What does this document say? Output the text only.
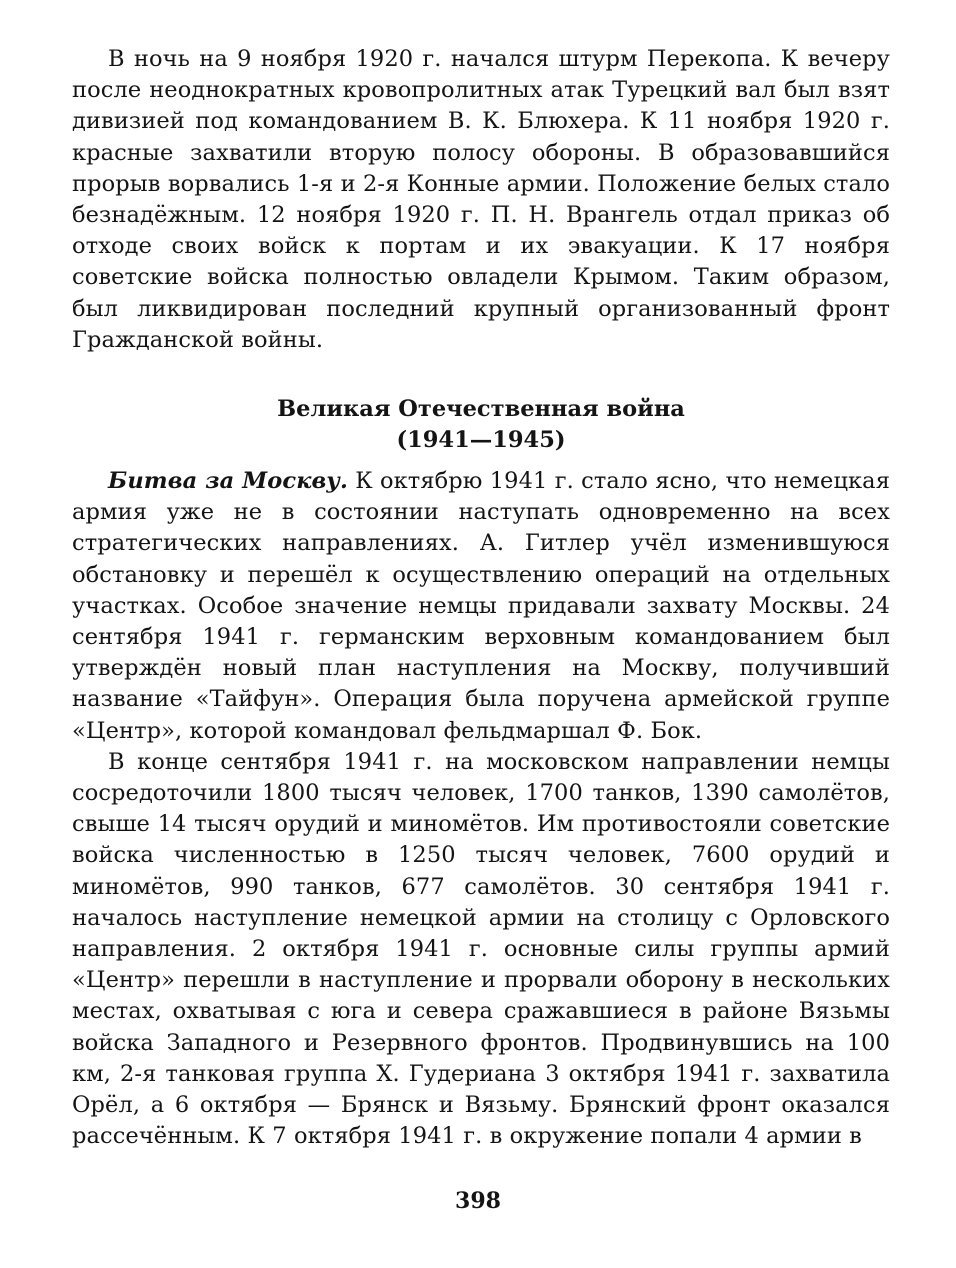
В ночь на 9 ноября 1920 г. начался штурм Перекопа. К вечеру после неоднократных кровопролитных атак Турецкий вал был взят дивизией под командованием В. К. Блюхера. К 11 ноября 1920 г. красные захватили вторую полосу обороны. В образовавшийся прорыв ворвались 1-я и 2-я Конные армии. Положение белых стало безнадёжным. 12 ноября 1920 г. П. Н. Врангель отдал приказ об отходе своих войск к портам и их эвакуации. К 17 ноября советские войска полностью овладели Крымом. Таким образом, был ликвидирован последний крупный организованный фронт Гражданской войны.

Великая Отечественная война
(1941—1945)

Битва за Москву. К октябрю 1941 г. стало ясно, что немецкая армия уже не в состоянии наступать одновременно на всех стратегических направлениях. А. Гитлер учёл изменившуюся обстановку и перешёл к осуществлению операций на отдельных участках. Особое значение немцы придавали захвату Москвы. 24 сентября 1941 г. германским верховным командованием был утверждён новый план наступления на Москву, получивший название «Тайфун». Операция была поручена армейской группе «Центр», которой командовал фельдмаршал Ф. Бок.

В конце сентября 1941 г. на московском направлении немцы сосредоточили 1800 тысяч человек, 1700 танков, 1390 самолётов, свыше 14 тысяч орудий и миномётов. Им противостояли советские войска численностью в 1250 тысяч человек, 7600 орудий и миномётов, 990 танков, 677 самолётов. 30 сентября 1941 г. началось наступление немецкой армии на столицу с Орловского направления. 2 октября 1941 г. основные силы группы армий «Центр» перешли в наступление и прорвали оборону в нескольких местах, охватывая с юга и севера сражавшиеся в районе Вязьмы войска Западного и Резервного фронтов. Продвинувшись на 100 км, 2-я танковая группа Х. Гудериана 3 октября 1941 г. захватила Орёл, а 6 октября — Брянск и Вязьму. Брянский фронт оказался рассечённым. К 7 октября 1941 г. в окружение попали 4 армии в

398
